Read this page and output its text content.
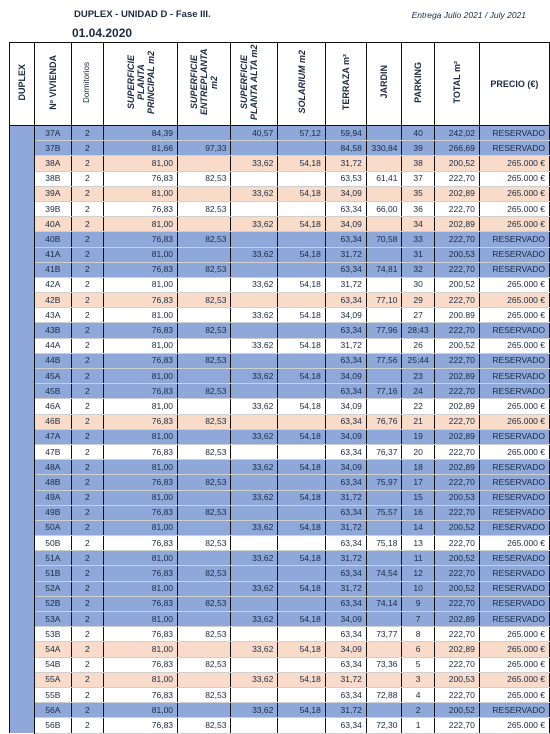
DUPLEX - UNIDAD D - Fase III.	Entrega Julio 2021 / July 2021
01.04.2020
DUPLEX	Nº VIVIENDA	Dormitorios	SUPERFICIE PLANTA PRINCIPAL m2	SUPERFICIE ENTREPLANTA m2	SUPERFICIE PLANTA ALTA m2	SOLARIUM m2	TERRAZA m²	JARDIN	PARKING	TOTAL m²	PRECIO (€)
	37A	2	84,39		40,57	57,12	59,94		40	242,02	RESERVADO
	37B	2	81,66	97,33			84,58	330,84	39	266,69	RESERVADO
	38A	2	81,00		33,62	54,18	31,72		38	200,52	265.000 €
	38B	2	76,83	82,53			63,53	61,41	37	222,70	265.000 €
	39A	2	81,00		33,62	54,18	34,09		35	202,89	265.000 €
	39B	2	76,83	82,53			63,34	66,00	36	222,70	265.000 €
	40A	2	81,00		33,62	54,18	34,09		34	202,89	265.000 €
	40B	2	76,83	82,53			63,34	70,58	33	222,70	RESERVADO
	41A	2	81,00		33,62	54,18	31,72		31	200,53	RESERVADO
	41B	2	76,83	82,53			63,34	74,81	32	222,70	RESERVADO
	42A	2	81,00		33,62	54,18	31,72		30	200,52	265.000 €
	42B	2	76,83	82,53			63,34	77,10	29	222,70	265.000 €
	43A	2	81.00		33.62	54.18	34,09		27	200.89	265.000 €
	43B	2	76,83	82,53			63,34	77,96	28;43	222,70	RESERVADO
	44A	2	81,00		33.62	54.18	31,72		26	200,52	265.000 €
	44B	2	76,83	82,53			63,34	77,56	25;44	222,70	RESERVADO
	45A	2	81,00		33,62	54,18	34,09		23	202,89	RESERVADO
	45B	2	76,83	82,53			63,34	77,16	24	222,70	RESERVADO
	46A	2	81,00		33,62	54,18	34,09		22	202,89	265.000 €
	46B	2	76,83	82,53			63,34	76,76	21	222,70	265.000 €
	47A	2	81,00		33,62	54,18	34,09		19	202,89	RESERVADO
	47B	2	76,83	82,53			63,34	76,37	20	222,70	265.000 €
	48A	2	81,00		33,62	54,18	34,09		18	202,89	RESERVADO
	48B	2	76,83	82,53			63,34	75,97	17	222,70	RESERVADO
	49A	2	81,00		33,62	54,18	31,72		15	200,53	RESERVADO
	49B	2	76,83	82,53			63,34	75,57	16	222,70	RESERVADO
	50A	2	81,00		33,62	54,18	31,72		14	200,52	RESERVADO
	50B	2	76,83	82,53			63,34	75,18	13	222,70	265.000 €
	51A	2	81,00		33,62	54,18	31,72		11	200,52	RESERVADO
	51B	2	76,83	82,53			63,34	74,54	12	222,70	RESERVADO
	52A	2	81,00		33,62	54,18	31,72		10	200,52	RESERVADO
	52B	2	76,83	82,53			63,34	74,14	9	222,70	RESERVADO
	53A	2	81,00		33,62	54,18	34,09		7	202,89	RESERVADO
	53B	2	76,83	82,53			63,34	73,77	8	222,70	265.000 €
	54A	2	81,00		33,62	54,18	34,09		6	202,89	265.000 €
	54B	2	76,83	82,53			63,34	73,36	5	222,70	265.000 €
	55A	2	81,00		33,62	54,18	31,72		3	200,53	265.000 €
	55B	2	76,83	82,53			63,34	72,88	4	222,70	265.000 €
	56A	2	81,00		33,62	54,18	31,72		2	200,52	RESERVADO
	56B	2	76,83	82,53			63,34	72,30	1	222,70	265.000 €
